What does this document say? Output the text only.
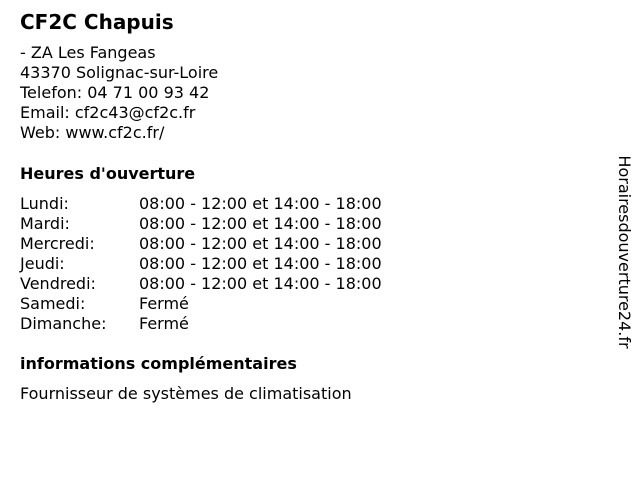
CF2C Chapuis
- ZA Les Fangeas
43370 Solignac-sur-Loire
Telefon: 04 71 00 93 42
Email: cf2c43@cf2c.fr
Web: www.cf2c.fr/
Heures d'ouverture
Lundi:	08:00 - 12:00 et 14:00 - 18:00
Mardi:	08:00 - 12:00 et 14:00 - 18:00
Mercredi:	08:00 - 12:00 et 14:00 - 18:00
Jeudi:	08:00 - 12:00 et 14:00 - 18:00
Vendredi:	08:00 - 12:00 et 14:00 - 18:00
Samedi:	Fermé
Dimanche:	Fermé
informations complémentaires
Fournisseur de systèmes de climatisation
Horairesdouverture24.fr
